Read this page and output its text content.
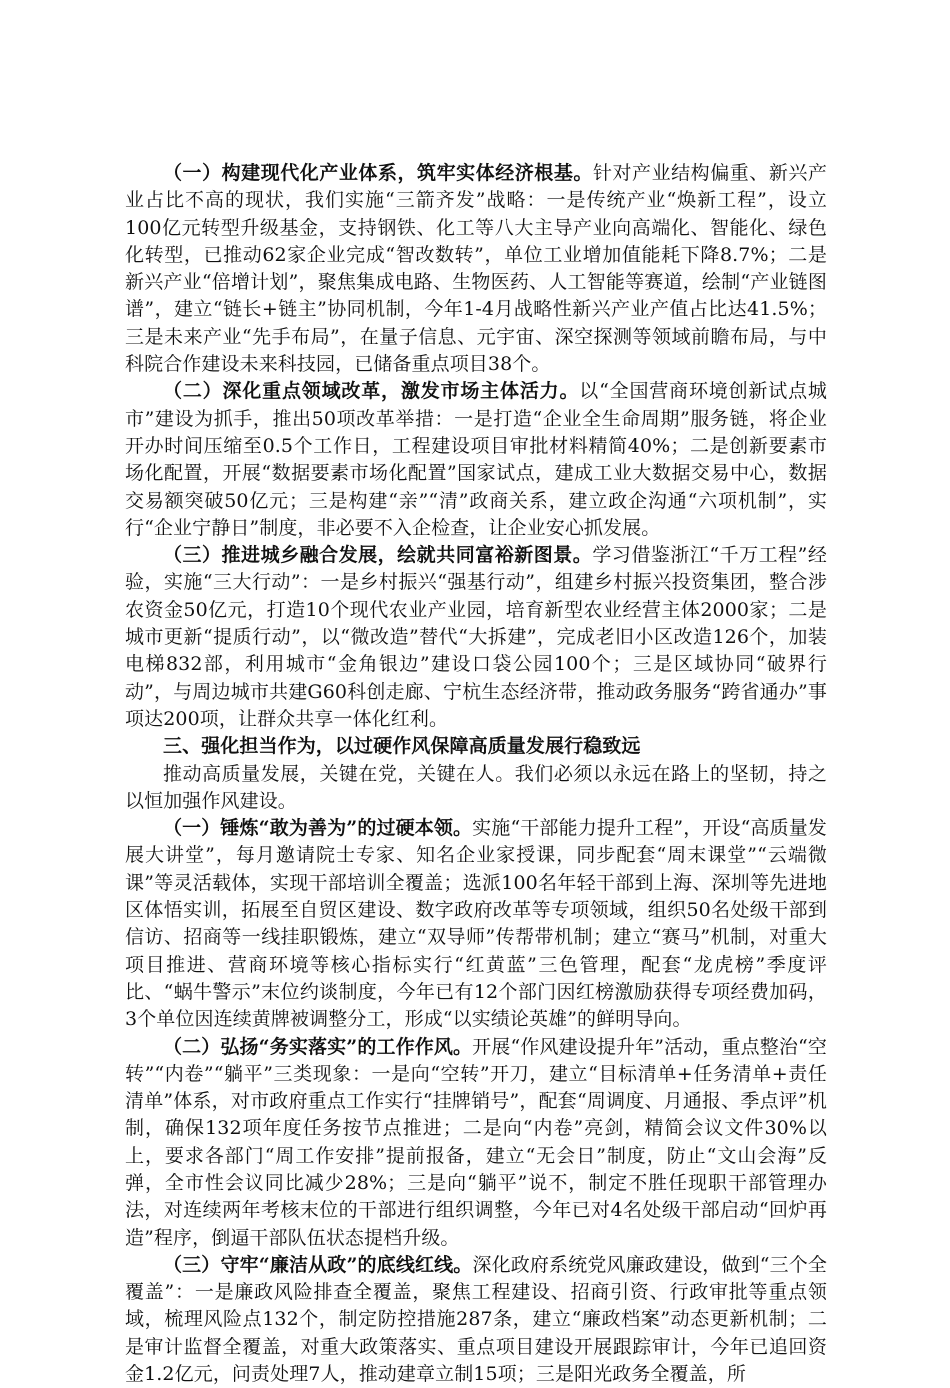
（一）构建现代化产业体系，筑牢实体经济根基。针对产业结构偏重、新兴产业占比不高的现状，我们实施“三箭齐发”战略：一是传统产业“焕新工程”，设立100亿元转型升级基金，支持钢铁、化工等八大主导产业向高端化、智能化、绿色化转型，已推动62家企业完成“智改数转”，单位工业增加值能耗下降8.7%；二是新兴产业“倍增计划”，聚焦集成电路、生物医药、人工智能等赛道，绘制“产业链图谱”，建立“链长+链主”协同机制，今年1-4月战略性新兴产业产值占比达41.5%；三是未来产业“先手布局”，在量子信息、元宇宙、深空探测等领域前瞻布局，与中科院合作建设未来科技园，已储备重点项目38个。

（二）深化重点领域改革，激发市场主体活力。以“全国营商环境创新试点城市”建设为抓手，推出50项改革举措：一是打造“企业全生命周期”服务链，将企业开办时间压缩至0.5个工作日，工程建设项目审批材料精简40%；二是创新要素市场化配置，开展“数据要素市场化配置”国家试点，建成工业大数据交易中心，数据交易额突破50亿元；三是构建“亲”“清”政商关系，建立政企沟通“六项机制”，实行“企业宁静日”制度，非必要不入企检查，让企业安心抓发展。

（三）推进城乡融合发展，绘就共同富裕新图景。学习借鉴浙江“千万工程”经验，实施“三大行动”：一是乡村振兴“强基行动”，组建乡村振兴投资集团，整合涉农资金50亿元，打造10个现代农业产业园，培育新型农业经营主体2000家；二是城市更新“提质行动”，以“微改造”替代“大拆建”，完成老旧小区改造126个，加装电梯832部，利用城市“金角银边”建设口袋公园100个；三是区域协同“破界行动”，与周边城市共建G60科创走廊、宁杭生态经济带，推动政务服务“跨省通办”事项达200项，让群众共享一体化红利。

三、强化担当作为，以过硬作风保障高质量发展行稳致远

推动高质量发展，关键在党，关键在人。我们必须以永远在路上的坚韧，持之以恒加强作风建设。

（一）锤炼“敢为善为”的过硬本领。实施“干部能力提升工程”，开设“高质量发展大讲堂”，每月邀请院士专家、知名企业家授课，同步配套“周末课堂”“云端微课”等灵活载体，实现干部培训全覆盖；选派100名年轻干部到上海、深圳等先进地区体悟实训，拓展至自贸区建设、数字政府改革等专项领域，组织50名处级干部到信访、招商等一线挂职锻炼，建立“双导师”传帮带机制；建立“赛马”机制，对重大项目推进、营商环境等核心指标实行“红黄蓝”三色管理，配套“龙虎榜”季度评比、“蜗牛警示”末位约谈制度，今年已有12个部门因红榜激励获得专项经费加码，3个单位因连续黄牌被调整分工，形成“以实绩论英雄”的鲜明导向。

（二）弘扬“务实落实”的工作作风。开展“作风建设提升年”活动，重点整治“空转”“内卷”“躺平”三类现象：一是向“空转”开刀，建立“目标清单+任务清单+责任清单”体系，对市政府重点工作实行“挂牌销号”，配套“周调度、月通报、季点评”机制，确保132项年度任务按节点推进；二是向“内卷”亮剑，精简会议文件30%以上，要求各部门“周工作安排”提前报备，建立“无会日”制度，防止“文山会海”反弹，全市性会议同比减少28%；三是向“躺平”说不，制定不胜任现职干部管理办法，对连续两年考核末位的干部进行组织调整，今年已对4名处级干部启动“回炉再造”程序，倒逼干部队伍状态提档升级。

（三）守牢“廉洁从政”的底线红线。深化政府系统党风廉政建设，做到“三个全覆盖”：一是廉政风险排查全覆盖，聚焦工程建设、招商引资、行政审批等重点领域，梳理风险点132个，制定防控措施287条，建立“廉政档案”动态更新机制；二是审计监督全覆盖，对重大政策落实、重点项目建设开展跟踪审计，今年已追回资金1.2亿元，问责处理7人，推动建章立制15项；三是阳光政务全覆盖，所
